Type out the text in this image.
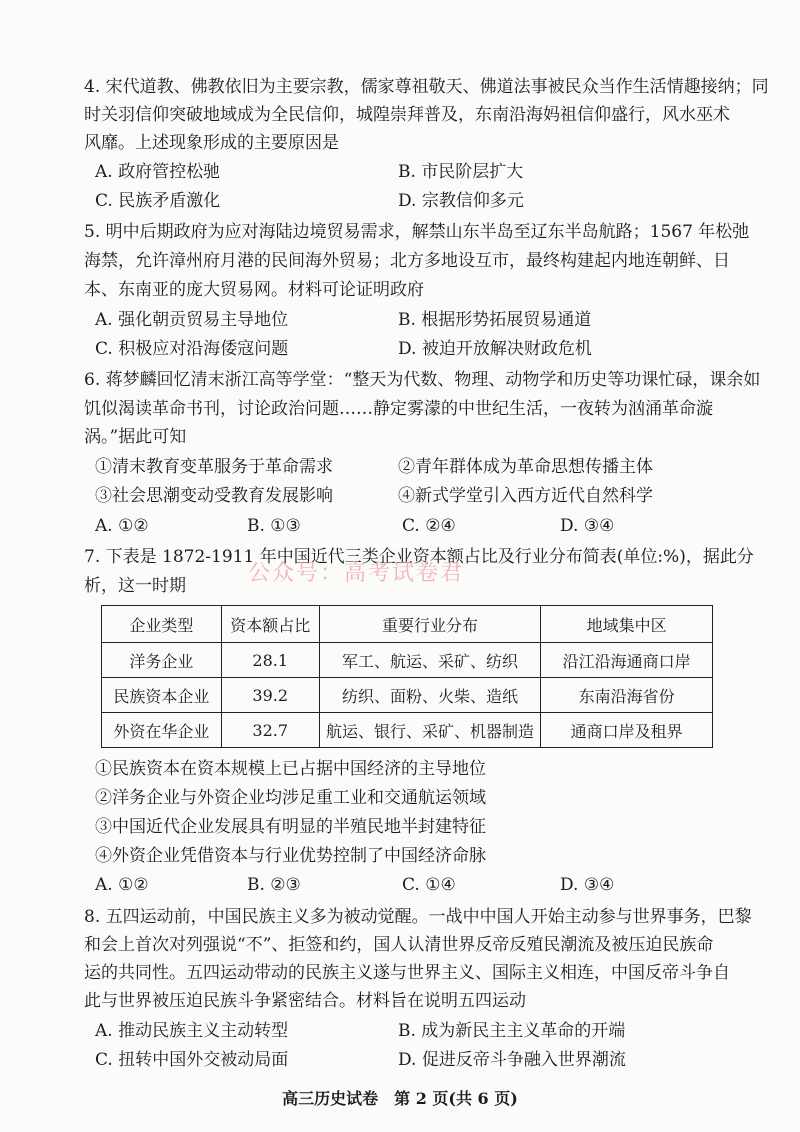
4. 宋代道教、佛教依旧为主要宗教，儒家尊祖敬天、佛道法事被民众当作生活情趣接纳；同
时关羽信仰突破地域成为全民信仰，城隍崇拜普及，东南沿海妈祖信仰盛行，风水巫术
风靡。上述现象形成的主要原因是
A. 政府管控松驰	B. 市民阶层扩大
C. 民族矛盾激化	D. 宗教信仰多元
5. 明中后期政府为应对海陆边境贸易需求，解禁山东半岛至辽东半岛航路；1567 年松弛
海禁，允许漳州府月港的民间海外贸易；北方多地设互市，最终构建起内地连朝鲜、日
本、东南亚的庞大贸易网。材料可论证明政府
A. 强化朝贡贸易主导地位	B. 根据形势拓展贸易通道
C. 积极应对沿海倭寇问题	D. 被迫开放解决财政危机
6. 蒋梦麟回忆清末浙江高等学堂：“整天为代数、物理、动物学和历史等功课忙碌，课余如
饥似渴读革命书刊，讨论政治问题……静定雾濛的中世纪生活，一夜转为汹涌革命漩
涡。”据此可知
①清末教育变革服务于革命需求	②青年群体成为革命思想传播主体
③社会思潮变动受教育发展影响	④新式学堂引入西方近代自然科学
A. ①②	B. ①③	C. ②④	D. ③④
7. 下表是 1872-1911 年中国近代三类企业资本额占比及行业分布简表(单位:%)，据此分
公众号：高考试卷君
析，这一时期
企业类型	资本额占比	重要行业分布	地域集中区
洋务企业	28.1	军工、航运、采矿、纺织	沿江沿海通商口岸
民族资本企业	39.2	纺织、面粉、火柴、造纸	东南沿海省份
外资在华企业	32.7	航运、银行、采矿、机器制造	通商口岸及租界
①民族资本在资本规模上已占据中国经济的主导地位
②洋务企业与外资企业均涉足重工业和交通航运领域
③中国近代企业发展具有明显的半殖民地半封建特征
④外资企业凭借资本与行业优势控制了中国经济命脉
A. ①②	B. ②③	C. ①④	D. ③④
8. 五四运动前，中国民族主义多为被动觉醒。一战中中国人开始主动参与世界事务，巴黎
和会上首次对列强说“不”、拒签和约，国人认清世界反帝反殖民潮流及被压迫民族命
运的共同性。五四运动带动的民族主义遂与世界主义、国际主义相连，中国反帝斗争自
此与世界被压迫民族斗争紧密结合。材料旨在说明五四运动
A. 推动民族主义主动转型	B. 成为新民主主义革命的开端
C. 扭转中国外交被动局面	D. 促进反帝斗争融入世界潮流
高三历史试卷　第 2 页(共 6 页)
